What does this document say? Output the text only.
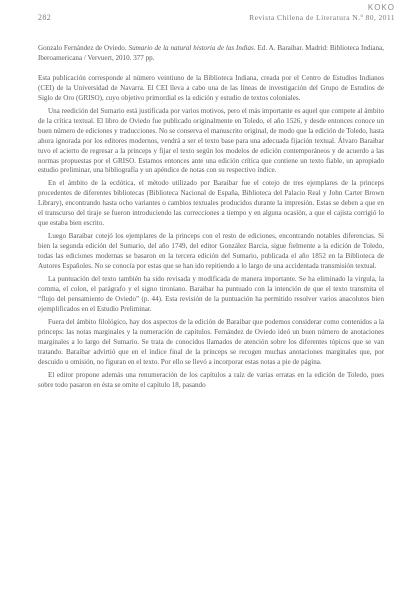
KOKO
282	Revista Chilena de Literatura N.º 80, 2011

Gonzalo Fernández de Oviedo. Sumario de la natural historia de las Indias. Ed. A. Baraibar. Madrid: Biblioteca Indiana, Iberoamericana / Vervuert, 2010. 377 pp.

Esta publicación corresponde al número veintiuno de la Biblioteca Indiana, creada por el Centro de Estudios Indianos (CEI) de la Universidad de Navarra. El CEI lleva a cabo una de las líneas de investigación del Grupo de Estudios de Siglo de Oro (GRISO), cuyo objetivo primordial es la edición y estudio de textos coloniales.

Una reedición del Sumario está justificada por varios motivos, pero el más importante es aquel que compete al ámbito de la crítica textual. El libro de Oviedo fue publicado originalmente en Toledo, el año 1526, y desde entonces conoce un buen número de ediciones y traducciones. No se conserva el manuscrito original, de modo que la edición de Toledo, hasta ahora ignorada por los editores modernos, vendrá a ser el texto base para una adecuada fijación textual. Álvaro Baraibar tuvo el acierto de regresar a la princeps y fijar el texto según los modelos de edición contemporáneos y de acuerdo a las normas propuestas por el GRISO. Estamos entonces ante una edición crítica que contiene un texto fiable, un apropiado estudio preliminar, una bibliografía y un apéndice de notas con su respectivo índice.

En el ámbito de la ecdótica, el método utilizado por Baraibar fue el cotejo de tres ejemplares de la princeps procedentes de diferentes bibliotecas (Biblioteca Nacional de España, Biblioteca del Palacio Real y John Carter Brown Library), encontrando hasta ocho variantes o cambios textuales producidos durante la impresión. Estas se deben a que en el transcurso del tiraje se fueron introduciendo las correcciones a tiempo y en alguna ocasión, a que el cajista corrigió lo que estaba bien escrito.

Luego Baraibar cotejó los ejemplares de la princeps con el resto de ediciones, encontrando notables diferencias. Si bien la segunda edición del Sumario, del año 1749, del editor González Barcia, sigue fielmente a la edición de Toledo, todas las ediciones modernas se basaron en la tercera edición del Sumario, publicada el año 1852 en la Biblioteca de Autores Españoles. No se conocía por estas que se han ido repitiendo a lo largo de una accidentada transmisión textual.

La puntuación del texto también ha sido revisada y modificada de manera importante. Se ha eliminado la virgula, la comma, el colon, el parágrafo y el signo tironiano. Baraibar ha puntuado con la intención de que el texto transmita el “flujo del pensamiento de Oviedo” (p. 44). Esta revisión de la puntuación ha permitido resolver varios anacolutos bien ejemplificados en el Estudio Preliminar.

Fuera del ámbito filológico, hay dos aspectos de la edición de Baraibar que podemos considerar como contenidos a la princeps: las notas marginales y la numeración de capítulos. Fernández de Oviedo ideó un buen número de anotaciones marginales a lo largo del Sumario. Se trata de conocidos llamados de atención sobre los diferentes tópicos que se van tratando. Baraibar advirtió que en el índice final de la princeps se recogen muchas anotaciones marginales que, por descuido u omisión, no figuran en el texto. Por ello se llevó a incorporar estas notas a pie de página.

El editor propone además una renumeración de los capítulos a raíz de varias erratas en la edición de Toledo, pues sobre todo pasaron en ésta se omite el capítulo 18, pasando
